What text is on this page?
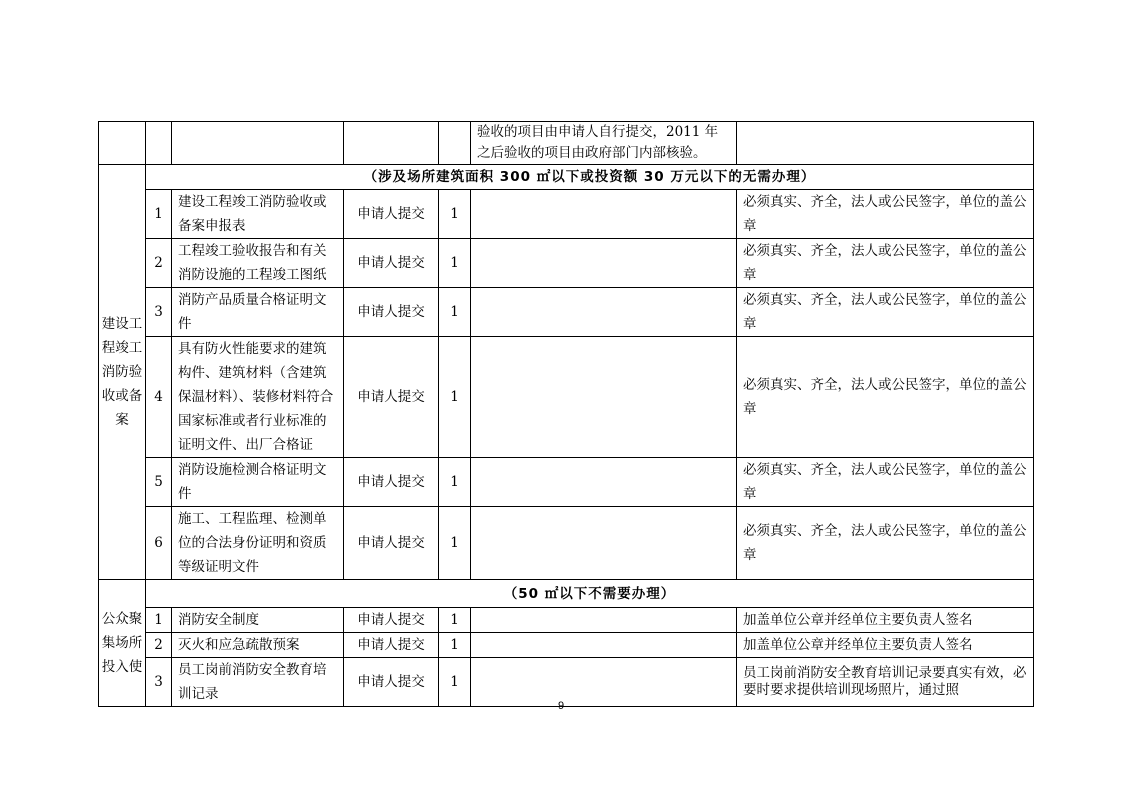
					验收的项目由申请人自行提交，2011 年之后验收的项目由政府部门内部核验。	
建设工程竣工消防验收或备案	（涉及场所建筑面积 300 ㎡以下或投资额 30 万元以下的无需办理）					
	1	建设工程竣工消防验收或备案申报表	申请人提交	1		必须真实、齐全，法人或公民签字，单位的盖公章
	2	工程竣工验收报告和有关消防设施的工程竣工图纸	申请人提交	1		必须真实、齐全，法人或公民签字，单位的盖公章
	3	消防产品质量合格证明文件	申请人提交	1		必须真实、齐全，法人或公民签字，单位的盖公章
	4	具有防火性能要求的建筑构件、建筑材料（含建筑保温材料）、装修材料符合国家标准或者行业标准的证明文件、出厂合格证	申请人提交	1		必须真实、齐全，法人或公民签字，单位的盖公章
	5	消防设施检测合格证明文件	申请人提交	1		必须真实、齐全，法人或公民签字，单位的盖公章
	6	施工、工程监理、检测单位的合法身份证明和资质等级证明文件	申请人提交	1		必须真实、齐全，法人或公民签字，单位的盖公章
公众聚集场所投入使	（50 ㎡以下不需要办理）					
	1	消防安全制度	申请人提交	1		加盖单位公章并经单位主要负责人签名
	2	灭火和应急疏散预案	申请人提交	1		加盖单位公章并经单位主要负责人签名
	3	员工岗前消防安全教育培训记录	申请人提交	1		员工岗前消防安全教育培训记录要真实有效，必要时要求提供培训现场照片，通过照
9
